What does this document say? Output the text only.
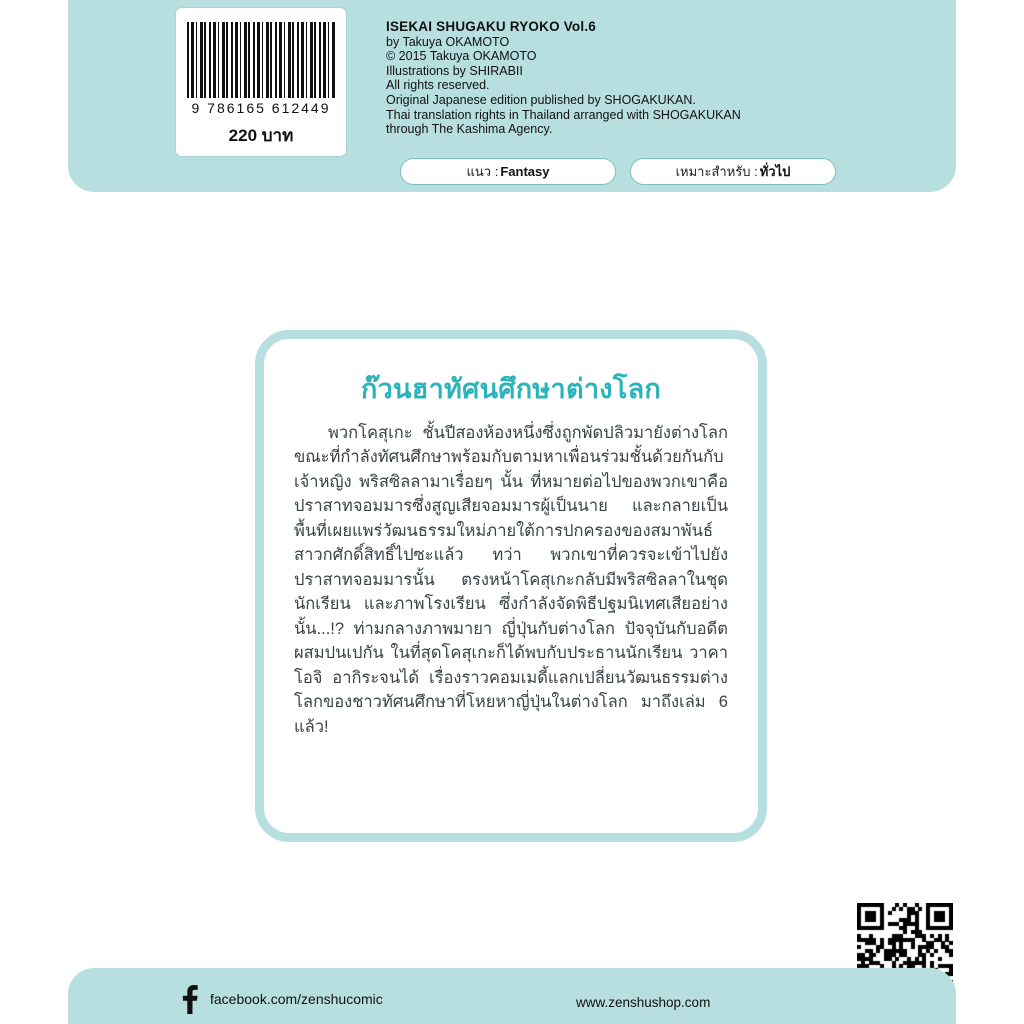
9 786165 612449
220 บาท
ISEKAI SHUGAKU RYOKO Vol.6
by Takuya OKAMOTO
© 2015 Takuya OKAMOTO
Illustrations by SHIRABII
All rights reserved.
Original Japanese edition published by SHOGAKUKAN.
Thai translation rights in Thailand arranged with SHOGAKUKAN
through The Kashima Agency.
แนว : Fantasy	เหมาะสำหรับ : ทั่วไป
ก๊วนฮาทัศนศึกษาต่างโลก
พวกโคสุเกะ ชั้นปีสองห้องหนึ่งซึ่งถูกพัดปลิวมายังต่างโลกขณะที่กำลังทัศนศึกษาพร้อมกับตามหาเพื่อนร่วมชั้นด้วยกันกับเจ้าหญิง พริสซิลลามาเรื่อยๆ นั้น ที่หมายต่อไปของพวกเขาคือ ปราสาทจอมมารซึ่งสูญเสียจอมมารผู้เป็นนาย และกลายเป็นพื้นที่เผยแพร่วัฒนธรรมใหม่ภายใต้การปกครองของสมาพันธ์สาวกศักดิ์สิทธิ์ไปซะแล้ว ทว่า พวกเขาที่ควรจะเข้าไปยังปราสาทจอมมารนั้น ตรงหน้าโคสุเกะกลับมีพริสซิลลาในชุดนักเรียน และภาพโรงเรียน ซึ่งกำลังจัดพิธีปฐมนิเทศเสียอย่างนั้น...!? ท่ามกลางภาพมายา ญี่ปุ่นกับต่างโลก ปัจจุบันกับอดีต ผสมปนเปกัน ในที่สุดโคสุเกะก็ได้พบกับประธานนักเรียน วาคาโอจิ อากิระจนได้ เรื่องราวคอมเมดี้แลกเปลี่ยนวัฒนธรรมต่างโลกของชาวทัศนศึกษาที่โหยหาญี่ปุ่นในต่างโลก มาถึงเล่ม 6 แล้ว!
facebook.com/zenshucomic	www.zenshushop.com
